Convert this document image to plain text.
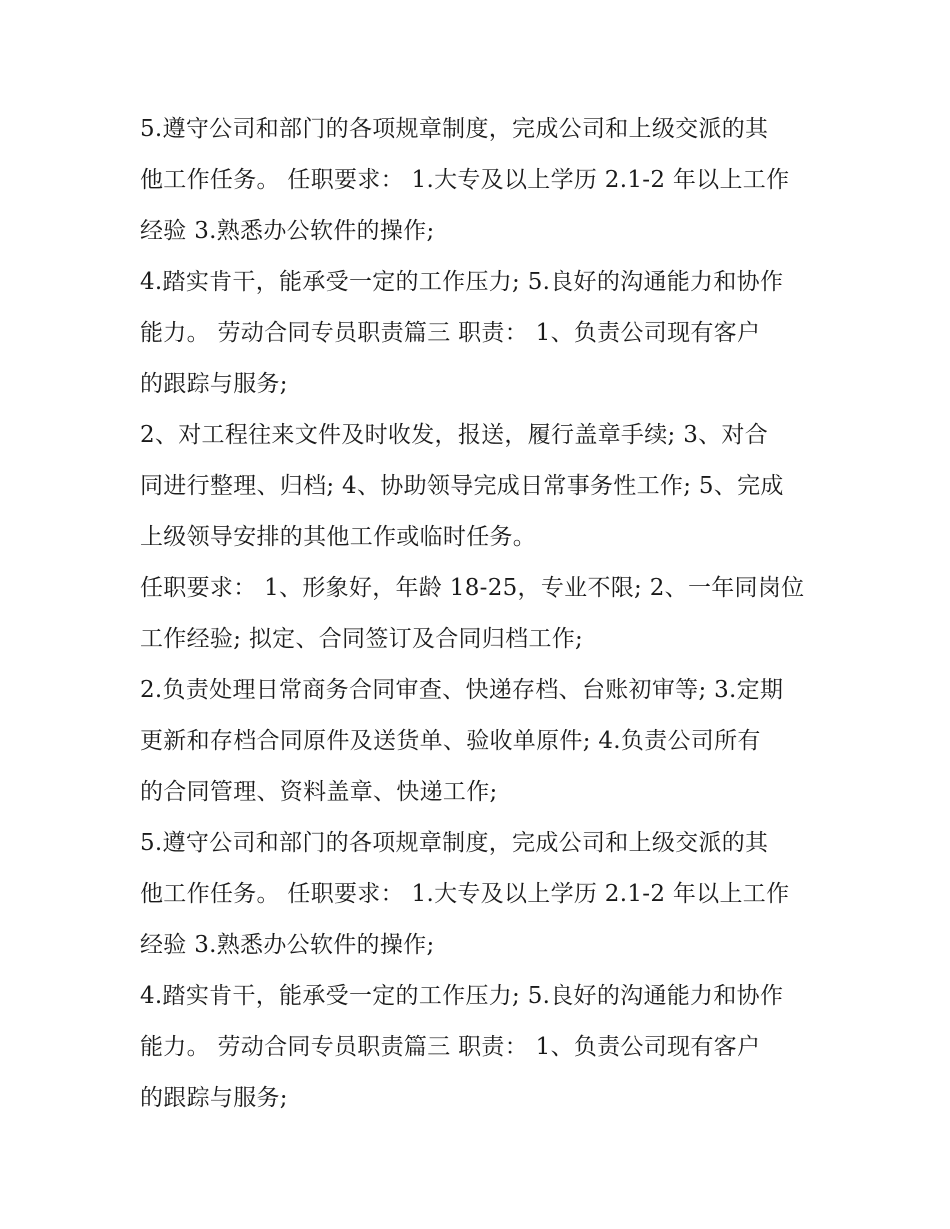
5.遵守公司和部门的各项规章制度，完成公司和上级交派的其
他工作任务。 任职要求： 1.大专及以上学历 2.1-2 年以上工作
经验 3.熟悉办公软件的操作;
4.踏实肯干，能承受一定的工作压力; 5.良好的沟通能力和协作
能力。 劳动合同专员职责篇三 职责： 1、负责公司现有客户
的跟踪与服务;
2、对工程往来文件及时收发，报送，履行盖章手续; 3、对合
同进行整理、归档; 4、协助领导完成日常事务性工作; 5、完成
上级领导安排的其他工作或临时任务。
任职要求： 1、形象好，年龄 18-25，专业不限; 2、一年同岗位
工作经验; 拟定、合同签订及合同归档工作;
2.负责处理日常商务合同审查、快递存档、台账初审等; 3.定期
更新和存档合同原件及送货单、验收单原件; 4.负责公司所有
的合同管理、资料盖章、快递工作;
5.遵守公司和部门的各项规章制度，完成公司和上级交派的其
他工作任务。 任职要求： 1.大专及以上学历 2.1-2 年以上工作
经验 3.熟悉办公软件的操作;
4.踏实肯干，能承受一定的工作压力; 5.良好的沟通能力和协作
能力。 劳动合同专员职责篇三 职责： 1、负责公司现有客户
的跟踪与服务;
